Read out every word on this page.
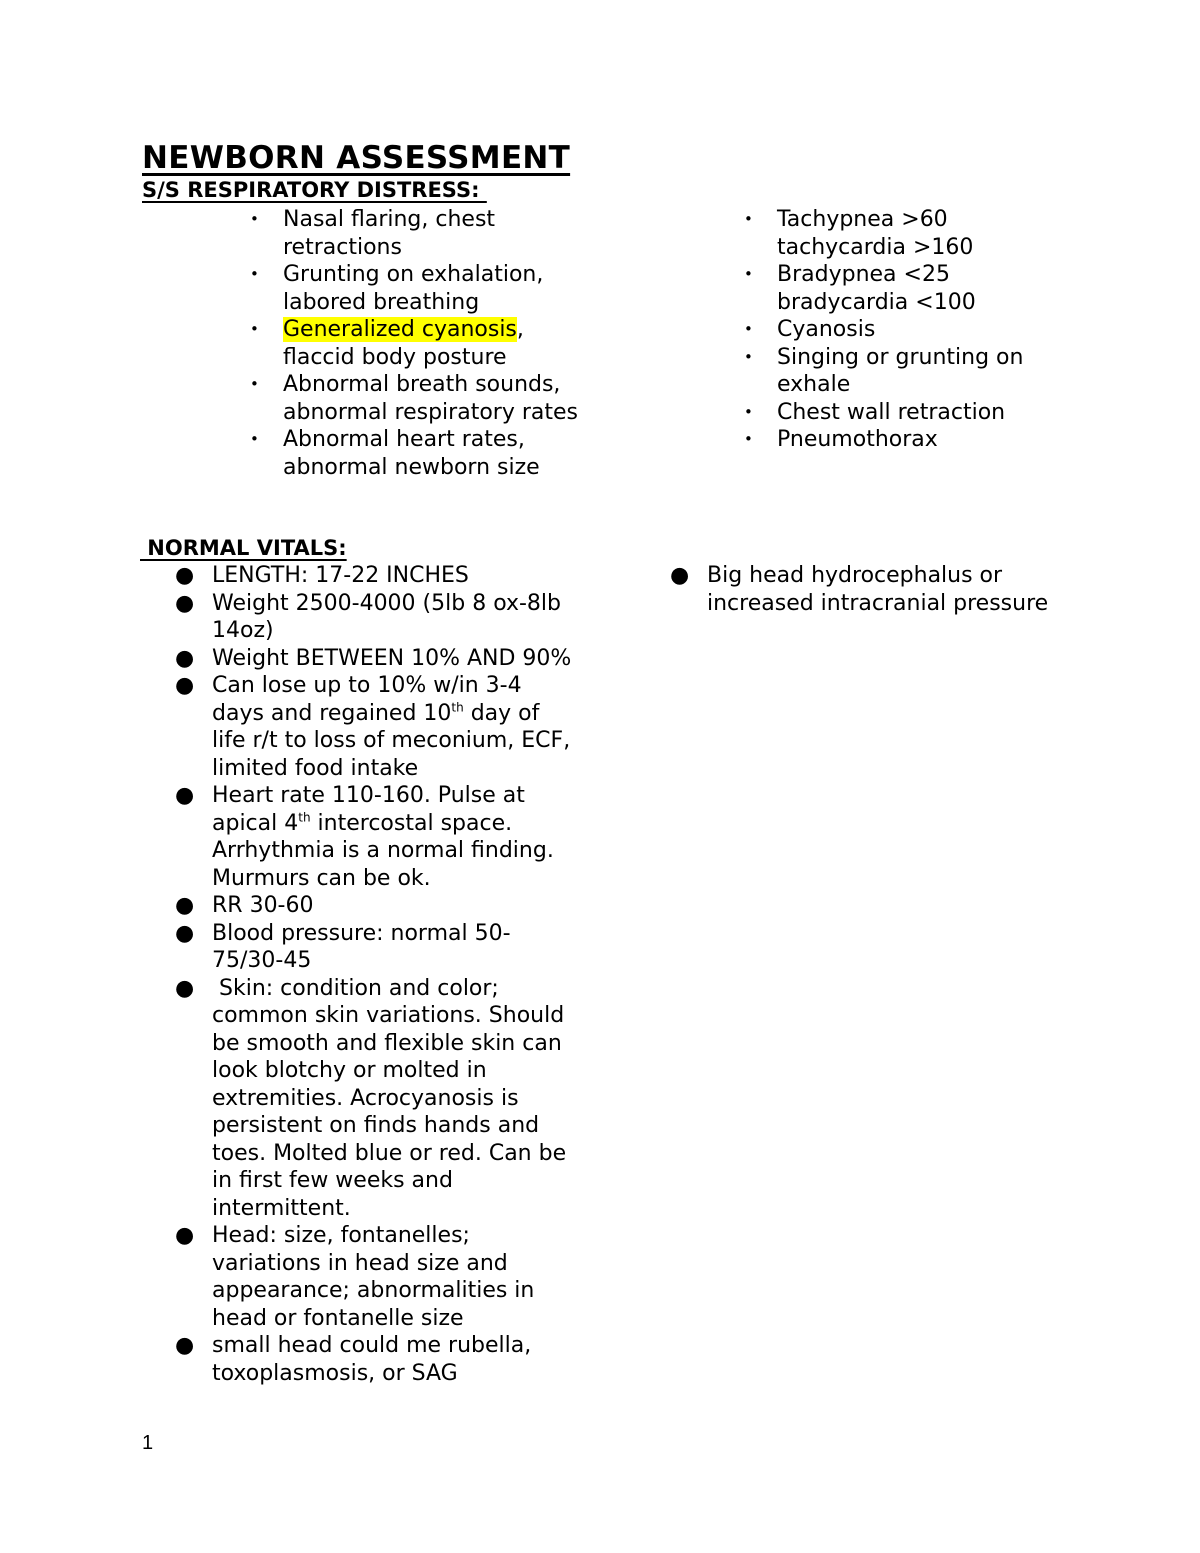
NEWBORN ASSESSMENT
S/S RESPIRATORY DISTRESS:
• Nasal flaring, chest retractions
• Grunting on exhalation, labored breathing
• Generalized cyanosis, flaccid body posture
• Abnormal breath sounds, abnormal respiratory rates
• Abnormal heart rates, abnormal newborn size
• Tachypnea >60 tachycardia >160
• Bradypnea <25 bradycardia <100
• Cyanosis
• Singing or grunting on exhale
• Chest wall retraction
• Pneumothorax
NORMAL VITALS:
● LENGTH: 17-22 INCHES
● Weight 2500-4000 (5lb 8 ox-8lb 14oz)
● Weight BETWEEN 10% AND 90%
● Can lose up to 10% w/in 3-4 days and regained 10th day of life r/t to loss of meconium, ECF, limited food intake
● Heart rate 110-160. Pulse at apical 4th intercostal space. Arrhythmia is a normal finding. Murmurs can be ok.
● RR 30-60
● Blood pressure: normal 50-75/30-45
● Skin: condition and color; common skin variations. Should be smooth and flexible skin can look blotchy or molted in extremities. Acrocyanosis is persistent on finds hands and toes. Molted blue or red. Can be in first few weeks and intermittent.
● Head: size, fontanelles; variations in head size and appearance; abnormalities in head or fontanelle size
● small head could me rubella, toxoplasmosis, or SAG
● Big head hydrocephalus or increased intracranial pressure
1
